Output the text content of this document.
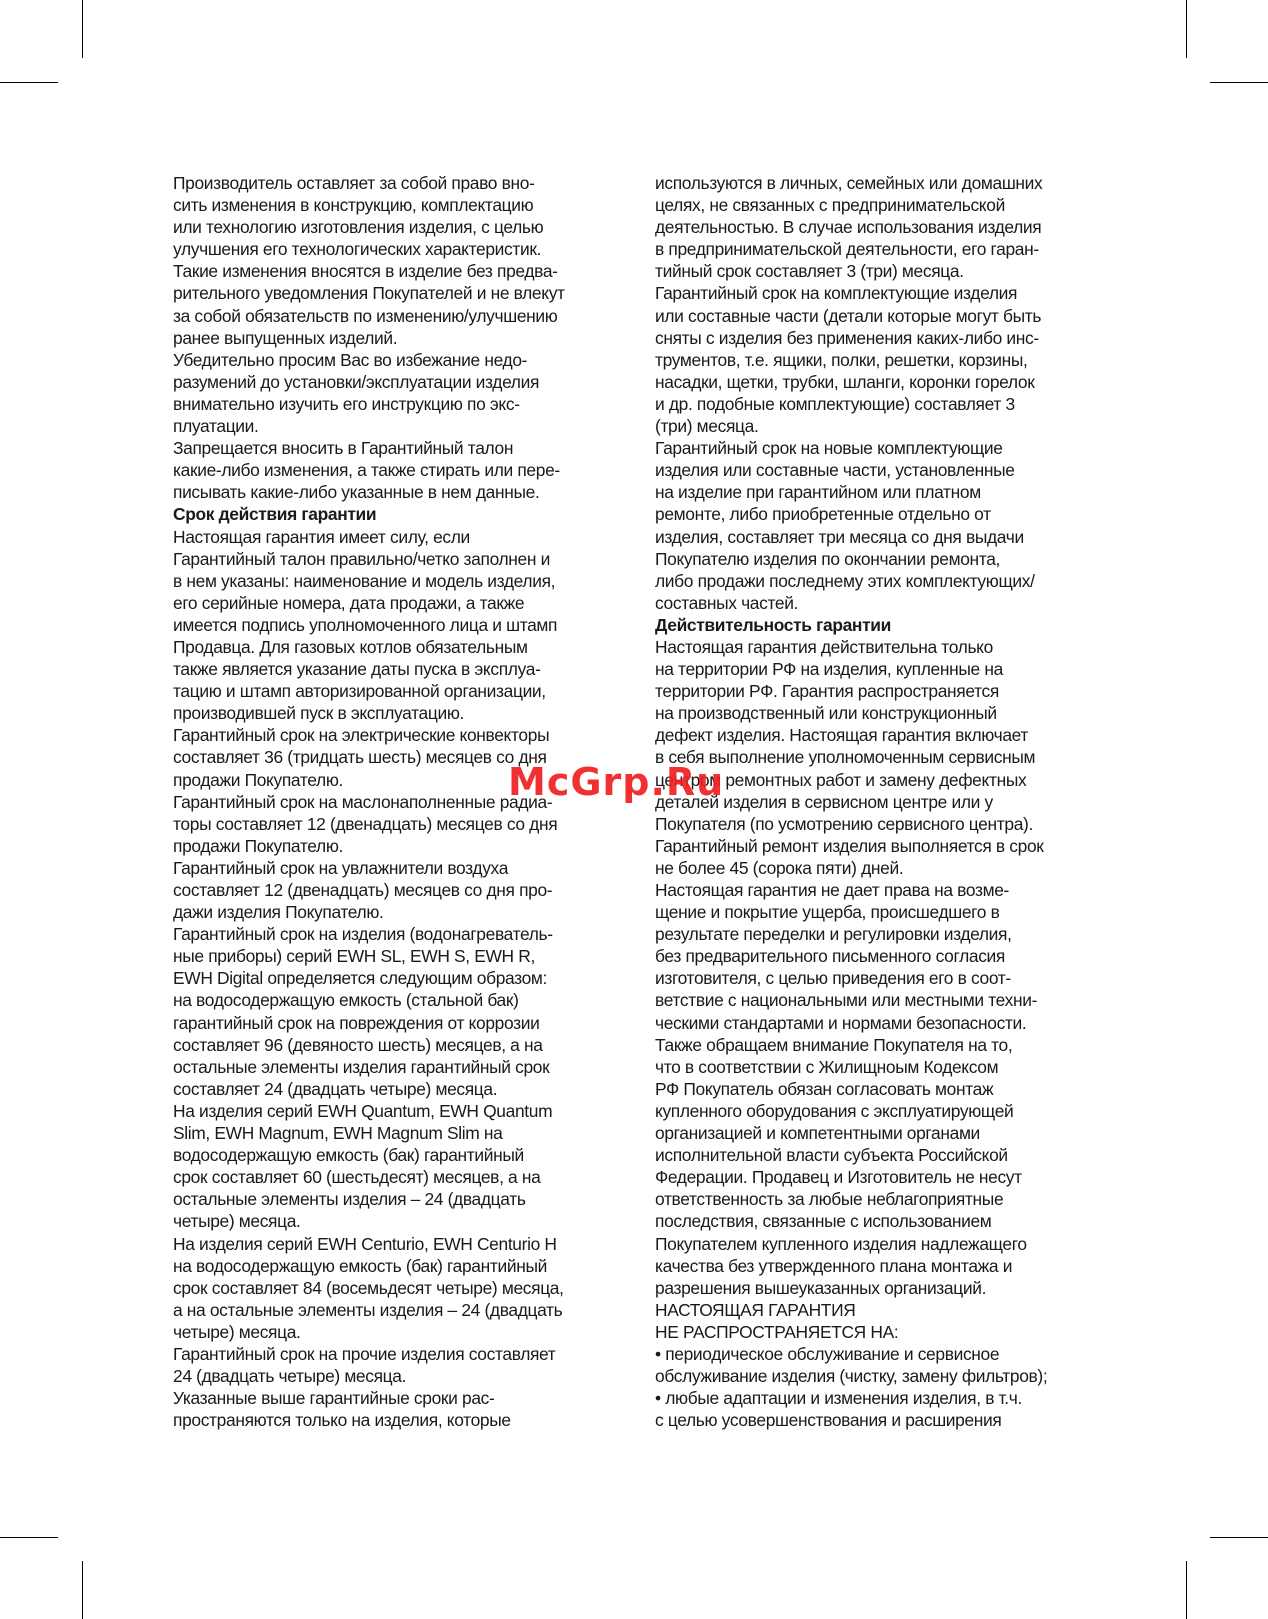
Производитель оставляет за собой право вно-
сить изменения в конструкцию, комплектацию
или технологию изготовления изделия, с целью
улучшения его технологических характеристик.
Такие изменения вносятся в изделие без предва-
рительного уведомления Покупателей и не влекут
за собой обязательств по изменению/улучшению
ранее выпущенных изделий.
Убедительно просим Вас во избежание недо-
разумений до установки/эксплуатации изделия
внимательно изучить его инструкцию по экс-
плуатации.
Запрещается вносить в Гарантийный талон
какие-либо изменения, а также стирать или пере-
писывать какие-либо указанные в нем данные.
Срок действия гарантии
Настоящая гарантия имеет силу, если
Гарантийный талон правильно/четко заполнен и
в нем указаны: наименование и модель изделия,
его серийные номера, дата продажи, а также
имеется подпись уполномоченного лица и штамп
Продавца. Для газовых котлов обязательным
также является указание даты пуска в эксплуа-
тацию и штамп авторизированной организации,
производившей пуск в эксплуатацию.
Гарантийный срок на электрические конвекторы
составляет 36 (тридцать шесть) месяцев со дня
продажи Покупателю.
Гарантийный срок на маслонаполненные радиа-
торы составляет 12 (двенадцать) месяцев со дня
продажи Покупателю.
Гарантийный срок на увлажнители воздуха
составляет 12 (двенадцать) месяцев со дня про-
дажи изделия Покупателю.
Гарантийный срок на изделия (водонагреватель-
ные приборы) серий EWH SL, EWH S, EWH R,
EWH Digital определяется следующим образом:
на водосодержащую емкость (стальной бак)
гарантийный срок на повреждения от коррозии
составляет 96 (девяносто шесть) месяцев, а на
остальные элементы изделия гарантийный срок
составляет 24 (двадцать четыре) месяца.
На изделия серий EWH Quantum, EWH Quantum
Slim, EWH Magnum, EWH Magnum Slim на
водосодержащую емкость (бак) гарантийный
срок составляет 60 (шестьдесят) месяцев, а на
остальные элементы изделия – 24 (двадцать
четыре) месяца.
На изделия серий EWH Centurio, EWH Centurio H
на водосодержащую емкость (бак) гарантийный
срок составляет 84 (восемьдесят четыре) месяца,
а на остальные элементы изделия – 24 (двадцать
четыре) месяца.
Гарантийный срок на прочие изделия составляет
24 (двадцать четыре) месяца.
Указанные выше гарантийные сроки рас-
пространяются только на изделия, которые
используются в личных, семейных или домашних
целях, не связанных с предпринимательской
деятельностью. В случае использования изделия
в предпринимательской деятельности, его гаран-
тийный срок составляет 3 (три) месяца.
Гарантийный срок на комплектующие изделия
или составные части (детали которые могут быть
сняты с изделия без применения каких-либо инс-
трументов, т.е. ящики, полки, решетки, корзины,
насадки, щетки, трубки, шланги, коронки горелок
и др. подобные комплектующие) составляет 3
(три) месяца.
Гарантийный срок на новые комплектующие
изделия или составные части, установленные
на изделие при гарантийном или платном
ремонте, либо приобретенные отдельно от
изделия, составляет три месяца со дня выдачи
Покупателю изделия по окончании ремонта,
либо продажи последнему этих комплектующих/
составных частей.
Действительность гарантии
Настоящая гарантия действительна только
на территории РФ на изделия, купленные на
территории РФ. Гарантия распространяется
на производственный или конструкционный
дефект изделия. Настоящая гарантия включает
в себя выполнение уполномоченным сервисным
центром ремонтных работ и замену дефектных
деталей изделия в сервисном центре или у
Покупателя (по усмотрению сервисного центра).
Гарантийный ремонт изделия выполняется в срок
не более 45 (сорока пяти) дней.
Настоящая гарантия не дает права на возме-
щение и покрытие ущерба, происшедшего в
результате переделки и регулировки изделия,
без предварительного письменного согласия
изготовителя, с целью приведения его в соот-
ветствие с национальными или местными техни-
ческими стандартами и нормами безопасности.
Также обращаем внимание Покупателя на то,
что в соответствии с Жилищноым Кодексом
РФ Покупатель обязан согласовать монтаж
купленного оборудования с эксплуатирующей
организацией и компетентными органами
исполнительной власти субъекта Российской
Федерации. Продавец и Изготовитель не несут
ответственность за любые неблагоприятные
последствия, связанные с использованием
Покупателем купленного изделия надлежащего
качества без утвержденного плана монтажа и
разрешения вышеуказанных организаций.
НАСТОЯЩАЯ ГАРАНТИЯ
НЕ РАСПРОСТРАНЯЕТСЯ НА:
• периодическое обслуживание и сервисное
обслуживание изделия (чистку, замену фильтров);
• любые адаптации и изменения изделия, в т.ч.
с целью усовершенствования и расширения
McGrp.Ru
